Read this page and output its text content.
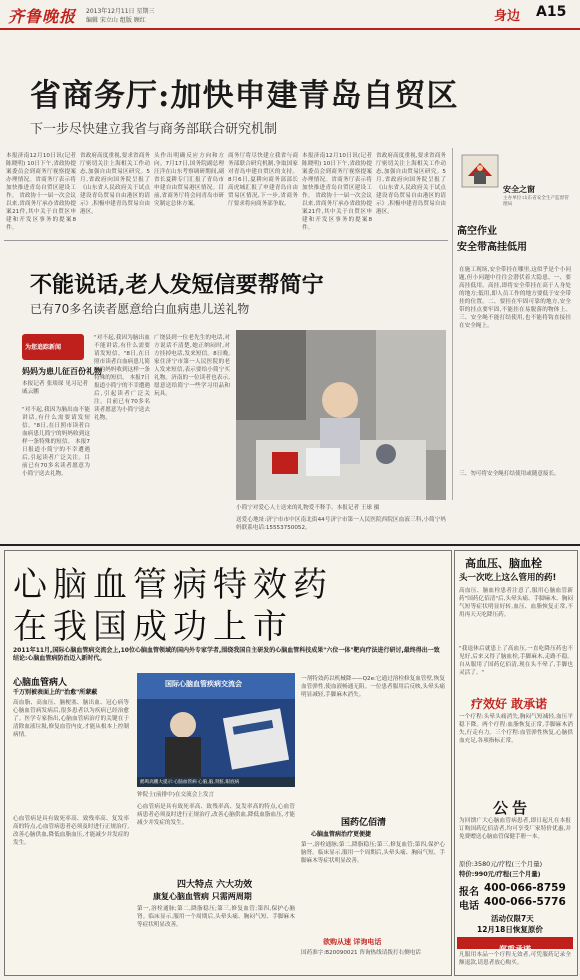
齐鲁晚报 2013年12月11日 星期三
编辑 宋立山 组版 顾红	身边 A15
省商务厅:加快申建青岛自贸区
下一步尽快建立我省与商务部联合研究机制
本报济南12月10日讯(记者 陈晓明) 10日下午,省政协提案委员会到商务厅视察提案办理情况。省商务厅表示将加快推进青岛自贸区建设工作。 省政协十一届一次会议以来,省商务厅承办省政协提案21件,其中关于自贸区申建和开发区事务的提案8件。
省政府高度重视,要求省商务厅密切关注上海相关工作动态,加强自由贸易区研究。5月,省政府向国务院呈报了《山东省人民政府关于试点建设青岛贸易自由港区的请示》,积极申建青岛贸易自由港区。
头作出明确反应方向和方向。7月17日,国务院副总理汪洋在山东考察调研期间,副省长夏耕专门汇报了青岛市申建自由贸易港区情况。目前,省商务厅将会同青岛市研究制定总体方案。
商务厅将尽快建立我省与商务部联合研究机制,争取国家对青岛申建自贸区的支持。8月6日,夏耕向商务部部长高虎城汇报了申建青岛自由贸易区情况,下一步,省商务厅要求将向商务部争取。
本报济南12月10日讯(记者 陈晓明) 10日下午,省政协提案委员会到商务厅视察提案办理情况。省商务厅表示将加快推进青岛自贸区建设工作。 省政协十一届一次会议以来,省商务厅承办省政协提案21件,其中关于自贸区申建和开发区事务的提案8件。
省政府高度重视,要求省商务厅密切关注上海相关工作动态,加强自由贸易区研究。5月,省政府向国务院呈报了《山东省人民政府关于试点建设青岛贸易自由港区的请示》,积极申建青岛贸易自由港区。
安全之窗
主办单位:山东省安全生产监督管理局
高空作业
安全带高挂低用
在施工现场,安全带挂在哪里,这似乎是个小问题,但小问题中往往会潜伏着大隐患。一、要高挂低用。高挂,即将安全带挂在高于人身处的地方;低用,即人员工作的地方要低于安全带挂的位置。二、要挂在牢固可靠的地方,安全带的挂点要牢固,不能挂在易脱落的物体上。三、安全绳不能打结使用,也不能将钩直接挂在安全绳上。
三、勿可将安全绳打结使用或随意接长。
不能说话,老人发短信要帮简宁
已有70多名读者愿意给白血病患儿送礼物
为您追踪新闻
妈妈为患儿征百份礼物
本报记者 张琰琛 见习记者 戚云鹏
"对不起,我因为脑出血不能讲话,有什么需要请发短信。"8日,在日照市读者白血病患儿简宁的妈妈收到这样一条特殊的短信。 本报7日报道小简宁的不幸遭遇后,引起读者广泛关注。目前已有70多名读者愿意为小简宁送去礼物。
"对不起,我因为脑出血不能讲话,有什么需要请发短信。"8日,在日照市读者白血病患儿简宁的妈妈收到这样一条特殊的短信。 本报7日报道小简宁的不幸遭遇后,引起读者广泛关注。目前已有70多名读者愿意为小简宁送去礼物。
广饶县到一位老先生的电话,对方说话不清楚,她正纳闷时,对方挂掉电话,发来短信。8日晚,家住济宁市第一人民医院的老人发来短信,表示要给小简宁买礼物。济南的一位读者也表示,愿意送给简宁一些学习用品和玩具。
小简宁对爱心人士送来的礼物爱不释手。本报记者 王球 摄
送爱心地址:济宁市市中区南北街44号济宁市第一人民医院西院区血液三科,小简宁妈妈联系电话:15553750052。
心脑血管病特效药
在我国成功上市
2011年11月,国际心脑血管病交流会上,10位心脑血管领域的国内外专家学者,围绕我国自主研发的心脑血管科技成果"六位一体"靶向疗法进行研讨,最终得出一致结论:心脑血管病防治迈入新时代。
心脑血管病人
千万别被表面上的"治愈"所蒙蔽
高血脂、高血压、脑梗塞、脑出血、冠心病等心脑血管病发病后,很多患者以为疾病已经治愈了。医学专家指出,心脑血管病治疗的关键在于清除血液垃圾,修复血管内皮,才能从根本上控制病情。
国际心脑血管疾病交流会
鹤鸣高鹏大提示:心脑血管病 心脑,脑,肾脏,眼底病
钟院士(前排中)在交流会上发言
一剂特效药以机械降——Q2e:它通过溶栓修复血管壁,恢复血管弹性,使血液畅通无阻。一位患者服用后反映,头晕头痛明显减轻,手脚麻木消失。
心血管病是具有致死率高、致残率高、复发率高的特点,心血管病患者必须及时进行正规治疗,改善心脑供血,降低血脂血压,才能减少并发症的发生。
心血管病是具有致死率高、致残率高、复发率高的特点,心血管病患者必须及时进行正规治疗,改善心脑供血,降低血脂血压,才能减少并发症的发生。
四大特点 六大功效
康复心脑血管病 只需两周期
第一,溶栓通脉;第二,降脂稳压;第三,修复血管;第四,保护心脑肾。临床显示,服用一个周期后,头晕头痛、胸闷气短、手脚麻木等症状明显改善。
国药亿佰清
心脑血管病治疗更便捷
第一,溶栓通脉;第二,降脂稳压;第三,修复血管;第四,保护心脑肾。临床显示,服用一个周期后,头晕头痛、胸闷气短、手脚麻木等症状明显改善。
欲购从速 详询电话
国药准字:B20090021 咨询热线请拨打右侧电话
高血压、脑血栓
头一次吃上这么管用的药!
高血压、脑血栓患者注意了,服用心脑血管新药"国药亿佰清"后,头晕头痛、手脚麻木、胸闷气短等症状明显好转,血压、血脂恢复正常,不用再天天吃降压药。
"我退休后就患上了高血压,一直吃降压药也不见好,后来又得了脑血栓,手脚麻木,走路不稳。自从服用了国药亿佰清,现在头不晕了,手脚也灵活了。"
疗效好 敢承诺
一个疗程:头晕头痛消失,胸闷气短减轻,血压平稳下降。两个疗程:血脂恢复正常,手脚麻木消失,行走有力。三个疗程:血管弹性恢复,心脑供血充足,各项指标正常。
公告
为回馈广大心脑血管病患者,即日起凡在本报订购国药亿佰清者,均可享受厂家特价优惠,并免费赠送心脑血管保健手册一本。
原价:3580元/疗程(三个月量)
特价:990元/疗程(三个月量)
报名 400-066-8759
电话 400-066-5776
活动仅限7天
12月18日恢复原价
郑重承诺
凡服用本品一个疗程无效者,可凭服药记录全额退款,请患者放心购买。
